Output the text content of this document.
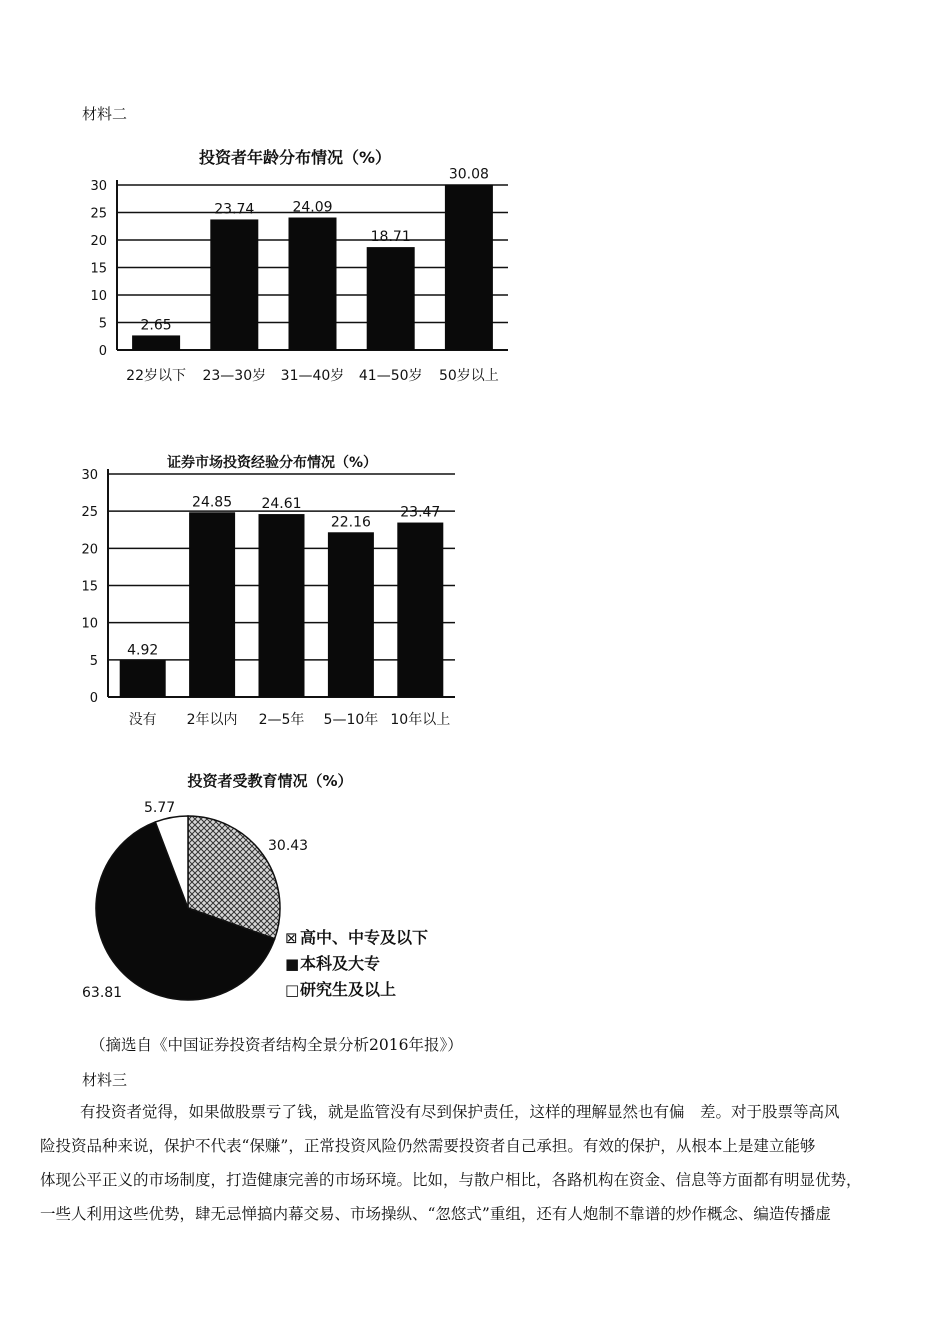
材料二
投资者年龄分布情况（%）
0
5
10
15
20
25
30
2.65
22岁以下
23.74
23—30岁
24.09
31—40岁
18.71
41—50岁
30.08
50岁以上
证券市场投资经验分布情况（%）
0
5
10
15
20
25
30
4.92
没有
24.85
2年以内
24.61
2—5年
22.16
5—10年
23.47
10年以上
投资者受教育情况（%）
30.43
63.81
5.77
⊠ 高中、中专及以下
■ 本科及大专
□ 研究生及以上
（摘选自《中国证券投资者结构全景分析2016年报》）
材料三
有投资者觉得，如果做股票亏了钱，就是监管没有尽到保护责任，这样的理解显然也有偏　差。对于股票等高风
险投资品种来说，保护不代表“保赚”，正常投资风险仍然需要投资者自己承担。有效的保护，从根本上是建立能够
体现公平正义的市场制度，打造健康完善的市场环境。比如，与散户相比，各路机构在资金、信息等方面都有明显优势，
一些人利用这些优势，肆无忌惮搞内幕交易、市场操纵、“忽悠式”重组，还有人炮制不靠谱的炒作概念、编造传播虚
